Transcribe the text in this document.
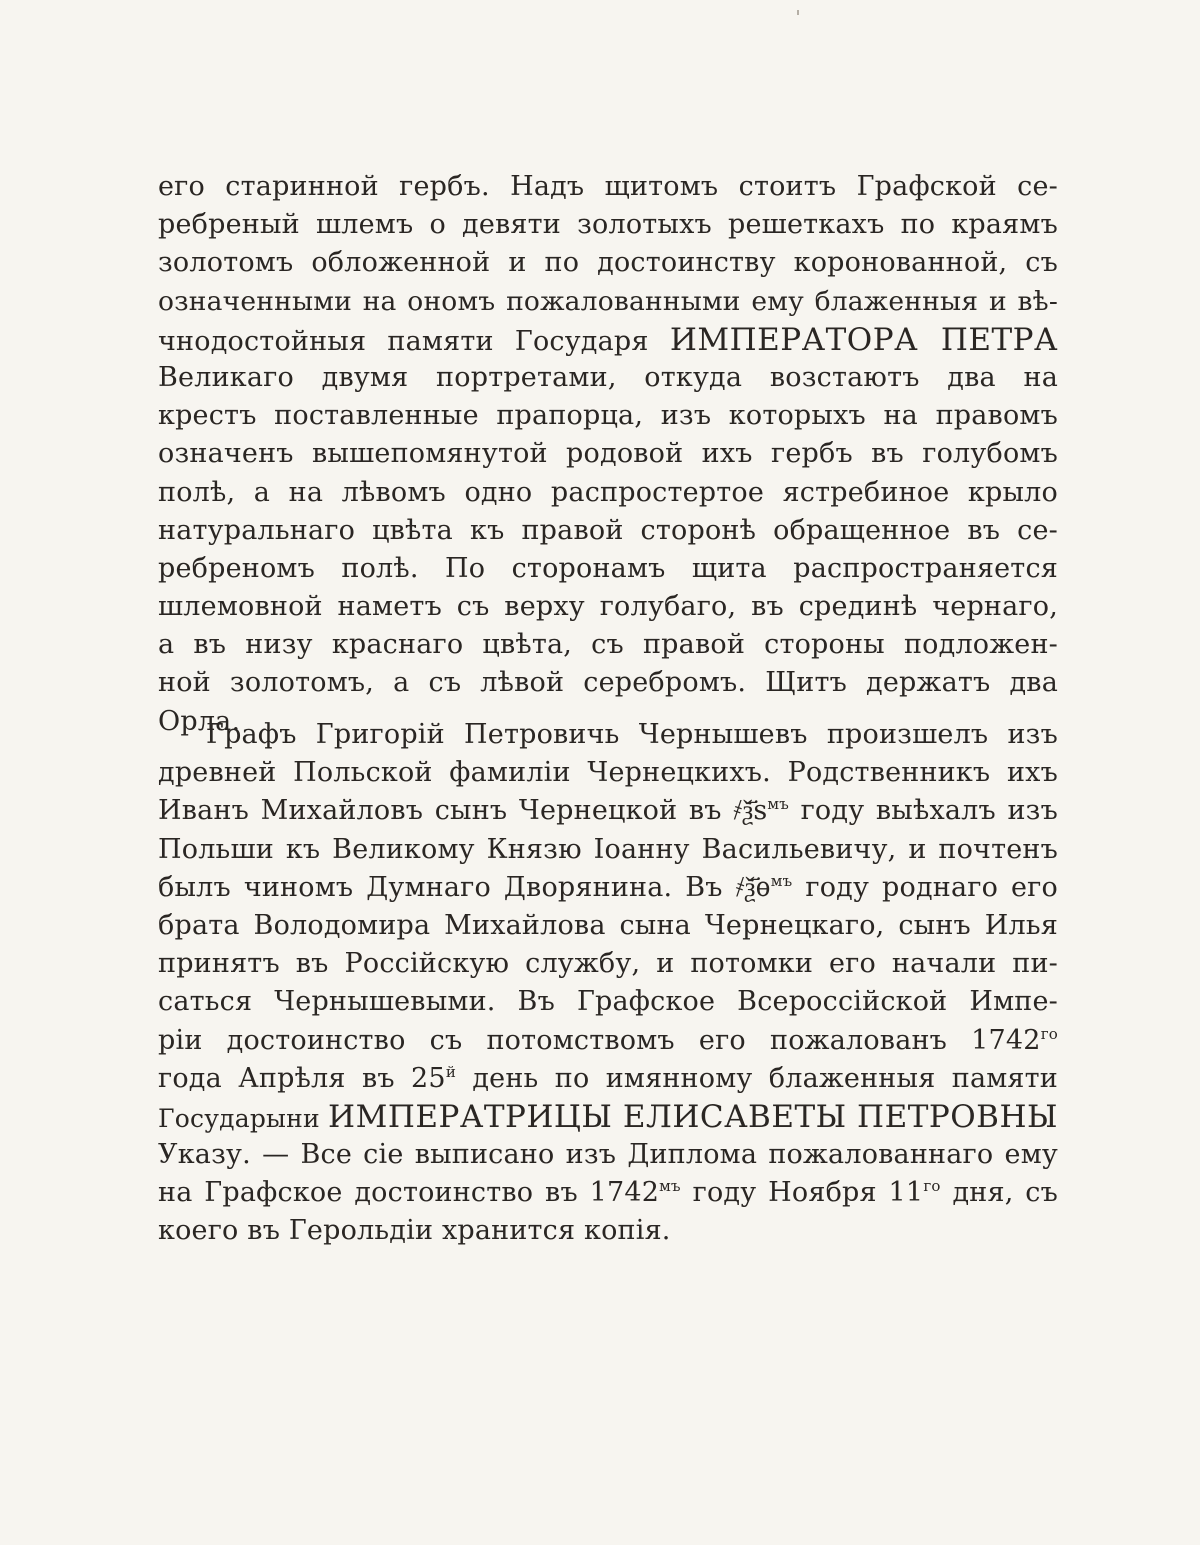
его старинной гербъ. Надъ щитомъ стоитъ Графской се-
ребреный шлемъ о девяти золотыхъ решеткахъ по краямъ
золотомъ обложенной и по достоинству коронованной, съ
означенными на ономъ пожалованными ему блаженныя и вѣ-
чнодостойныя памяти Государя ИМПЕРАТОРА ПЕТРА
Великаго двумя портретами, откуда возстаютъ два на
крестъ поставленные прапорца, изъ которыхъ на правомъ
означенъ вышепомянутой родовой ихъ гербъ въ голубомъ
полѣ, а на лѣвомъ одно распростертое ястребиное крыло
натуральнаго цвѣта къ правой сторонѣ обращенное въ се-
ребреномъ полѣ. По сторонамъ щита распространяется
шлемовной наметъ съ верху голубаго, въ срединѣ чернаго,
а въ низу краснаго цвѣта, съ правой стороны подложен-
ной золотомъ, а съ лѣвой серебромъ. Щитъ держатъ два
Орла.
Графъ Григорій Петровичь Чернышевъ произшелъ изъ
древней Польской фамиліи Чернецкихъ. Родственникъ ихъ
Иванъ Михайловъ сынъ Чернецкой въ $҂ѯ҃ѕ^{мъ}$ году выѣхалъ изъ
Польши къ Великому Князю Іоанну Васильевичу, и почтенъ
былъ чиномъ Думнаго Дворянина. Въ $҂ѯ҃ѳ^{мъ}$ году роднаго его
брата Володомира Михайлова сына Чернецкаго, сынъ Илья
принятъ въ Россійскую службу, и потомки его начали пи-
саться Чернышевыми. Въ Графское Всероссійской Импе-
ріи достоинство съ потомствомъ его пожалованъ $1742^{го}$
года Апрѣля въ $25^й$ день по имянному блаженныя памяти
Государыни ИМПЕРАТРИЦЫ ЕЛИСАВЕТЫ ПЕТРОВНЫ
Указу. — Все сіе выписано изъ Диплома пожалованнаго ему
на Графское достоинство въ $1742^{мъ}$ году Ноября $11^{го}$ дня, съ
коего въ Герольдіи хранится копія.
